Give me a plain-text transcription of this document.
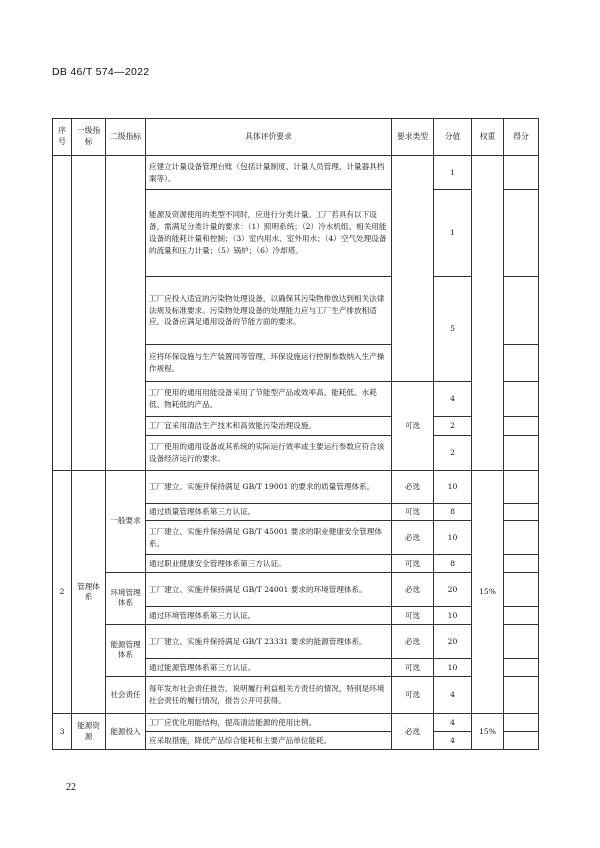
DB 46/T 574—2022
序号	一级指标	二级指标	具体评价要求	要求类型	分值	权重	得分
			应建立计量设备管理台账（包括计量制度、计量人员管理、计量器具档案等）。		1		
			能源及资源使用的类型不同时，应进行分类计量。工厂若具有以下设备，需满足分类计量的要求：（1）照明系统；（2）冷水机组、相关用能设备的能耗计量和控制；（3）室内用水、室外用水；（4）空气处理设备的流量和压力计量；（5）锅炉；（6）冷却塔。		1		
			工厂应投入适宜的污染物处理设备，以确保其污染物排放达到相关法律法规及标准要求。污染物处理设备的处理能力应与工厂生产排放相适应，设备应满足通用设备的节能方面的要求。		5		
			应将环保设施与生产装置同等管理，环保设施运行控制参数纳入生产操作规程。				
			工厂使用的通用用能设备采用了节能型产品或效率高、能耗低、水耗低、物耗低的产品。	可选	4		
			工厂宜采用清洁生产技术和高效能污染治理设施。		2		
			工厂使用的通用设备或其系统的实际运行效率或主要运行参数应符合该设备经济运行的要求。		2		
2	管理体系	一般要求	工厂建立、实施并保持满足 GB/T 19001 的要求的质量管理体系。	必选	10	15%	
			通过质量管理体系第三方认证。	可选	8		
			工厂建立、实施并保持满足 GB/T 45001 要求的职业健康安全管理体系。	必选	10		
			通过职业健康安全管理体系第三方认证。	可选	8		
		环境管理体系	工厂建立、实施并保持满足 GB/T 24001 要求的环境管理体系。	必选	20		
			通过环境管理体系第三方认证。	可选	10		
		能源管理体系	工厂建立、实施并保持满足 GB/T 23331 要求的能源管理体系。	必选	20		
			通过能源管理体系第三方认证。	可选	10		
		社会责任	每年发布社会责任报告，说明履行利益相关方责任的情况，特别是环境社会责任的履行情况，报告公开可获得。	可选	4		
3	能源资源	能源投入	工厂应优化用能结构，提高清洁能源的使用比例。	必选	4	15%	
			应采取措施，降低产品综合能耗和主要产品单位能耗。		4		
22
